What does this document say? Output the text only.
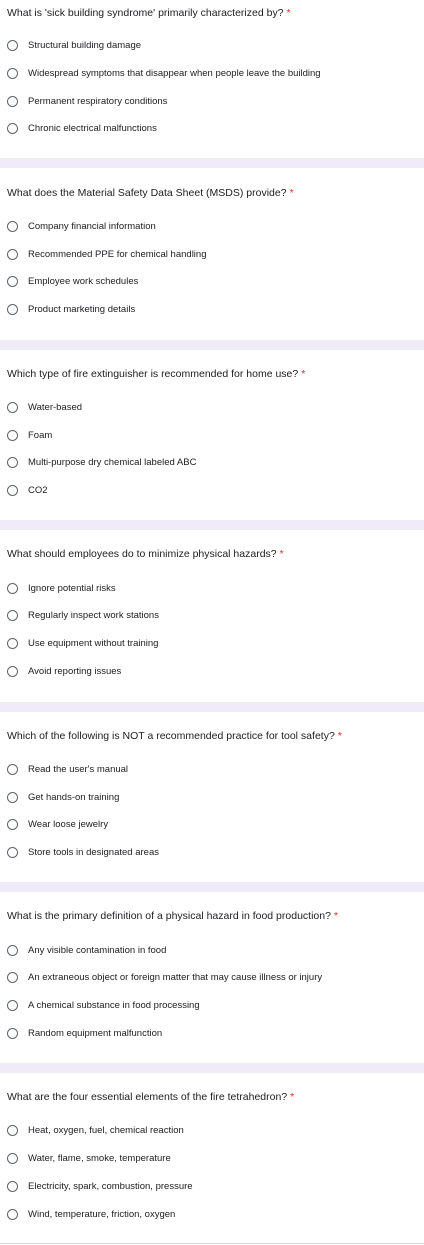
What is 'sick building syndrome' primarily characterized by? *
Structural building damage
Widespread symptoms that disappear when people leave the building
Permanent respiratory conditions
Chronic electrical malfunctions
What does the Material Safety Data Sheet (MSDS) provide? *
Company financial information
Recommended PPE for chemical handling
Employee work schedules
Product marketing details
Which type of fire extinguisher is recommended for home use? *
Water-based
Foam
Multi-purpose dry chemical labeled ABC
CO2
What should employees do to minimize physical hazards? *
Ignore potential risks
Regularly inspect work stations
Use equipment without training
Avoid reporting issues
Which of the following is NOT a recommended practice for tool safety? *
Read the user's manual
Get hands-on training
Wear loose jewelry
Store tools in designated areas
What is the primary definition of a physical hazard in food production? *
Any visible contamination in food
An extraneous object or foreign matter that may cause illness or injury
A chemical substance in food processing
Random equipment malfunction
What are the four essential elements of the fire tetrahedron? *
Heat, oxygen, fuel, chemical reaction
Water, flame, smoke, temperature
Electricity, spark, combustion, pressure
Wind, temperature, friction, oxygen
